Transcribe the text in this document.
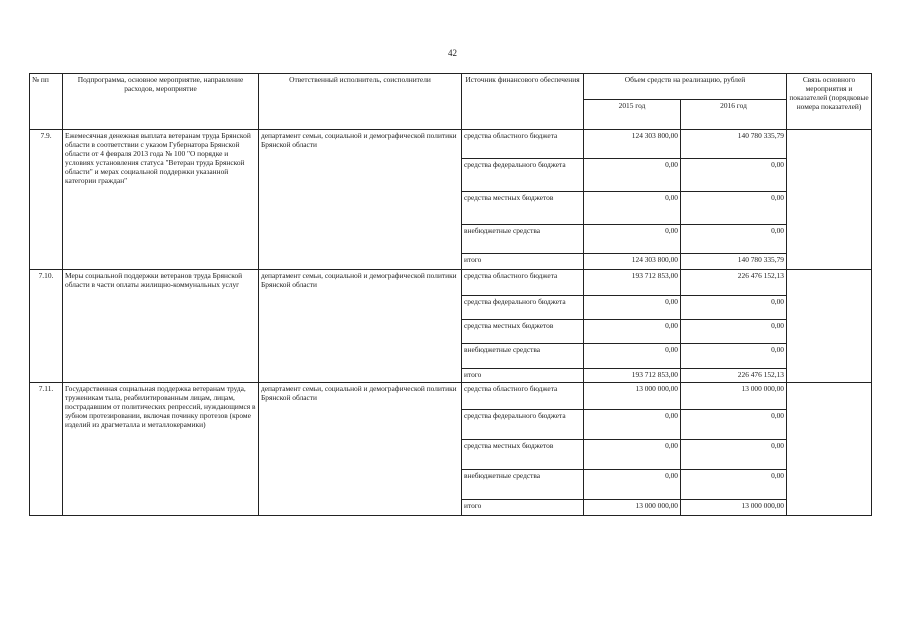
42
№ пп	Подпрограмма, основное мероприятие, направление расходов, мероприятие	Ответственный исполнитель, соисполнители	Источник финансового обеспечения	Объем средств на реализацию, рублей		Связь основного мероприятия и показателей (порядковые номера показателей)
				2015 год	2016 год	
7.9.	Ежемесячная денежная выплата ветеранам труда Брянской области в соответствии с указом Губернатора Брянской области от 4 февраля 2013 года № 100 "О порядке и условиях установления статуса "Ветеран труда Брянской области" и мерах социальной поддержки указанной категории граждан"	департамент семьи, социальной и демографической политики Брянской области	средства областного бюджета	124 303 800,00	140 780 335,79	
			средства федерального бюджета	0,00	0,00	
			средства местных бюджетов	0,00	0,00	
			внебюджетные средства	0,00	0,00	
			итого	124 303 800,00	140 780 335,79	
7.10.	Меры социальной поддержки ветеранов труда Брянской области в части оплаты жилищно-коммунальных услуг	департамент семьи, социальной и демографической политики Брянской области	средства областного бюджета	193 712 853,00	226 476 152,13	
			средства федерального бюджета	0,00	0,00	
			средства местных бюджетов	0,00	0,00	
			внебюджетные средства	0,00	0,00	
			итого	193 712 853,00	226 476 152,13	
7.11.	Государственная социальная поддержка ветеранам труда, труженикам тыла, реабилитированным лицам, лицам, пострадавшим от политических репрессий, нуждающимся в зубном протезировании, включая починку протезов (кроме изделий из драгметалла и металлокерамики)	департамент семьи, социальной и демографической политики Брянской области	средства областного бюджета	13 000 000,00	13 000 000,00	
			средства федерального бюджета	0,00	0,00	
			средства местных бюджетов	0,00	0,00	
			внебюджетные средства	0,00	0,00	
			итого	13 000 000,00	13 000 000,00	
